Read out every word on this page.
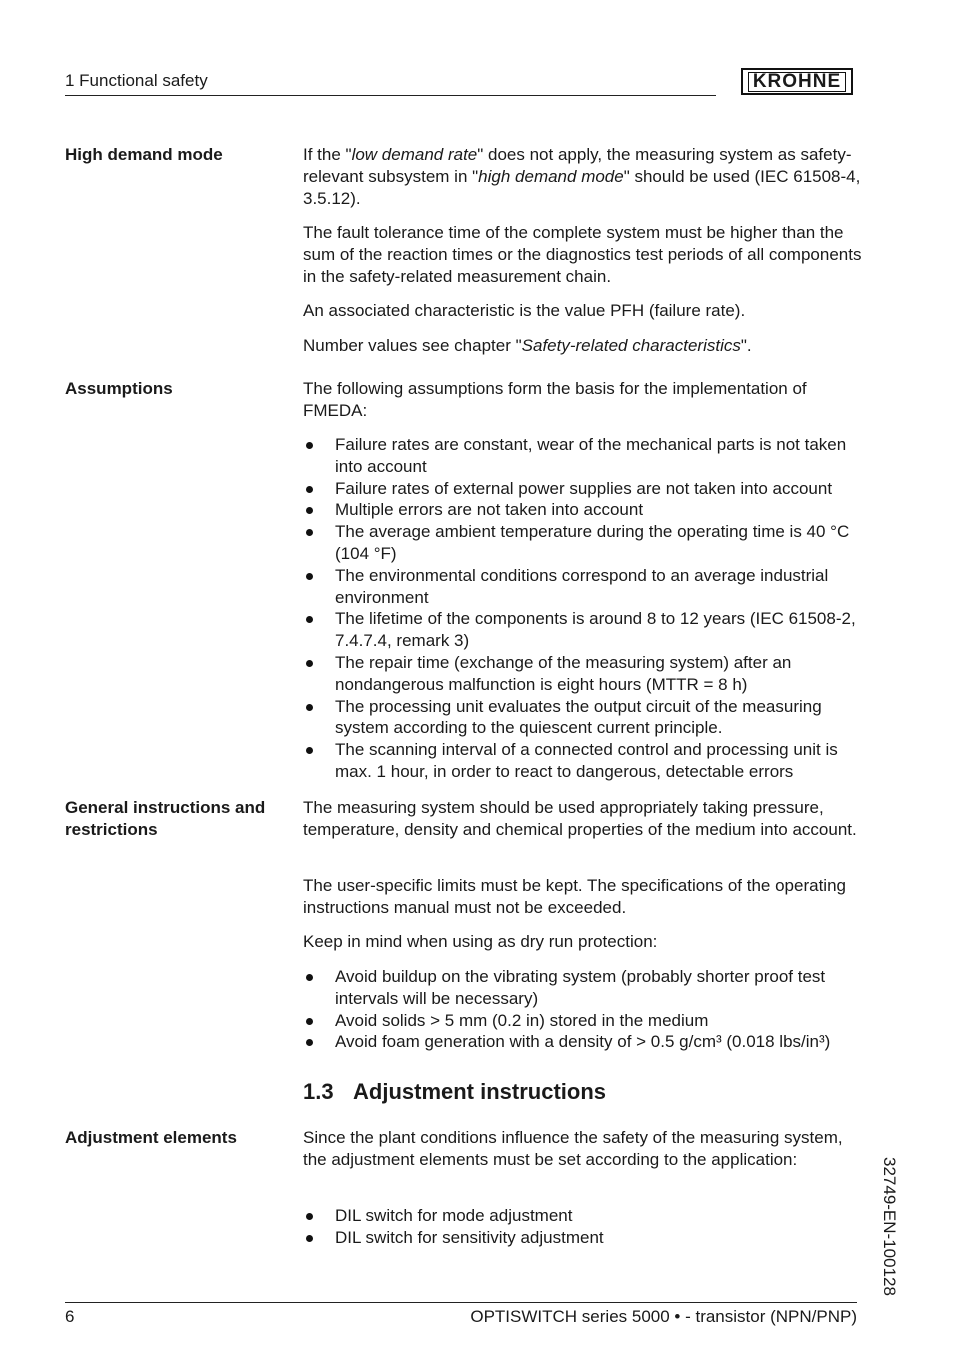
1 Functional safety	KROHNE
High demand mode	If the "low demand rate" does not apply, the measuring system as safety-relevant subsystem in "high demand mode" should be used (IEC 61508-4, 3.5.12).
The fault tolerance time of the complete system must be higher than the sum of the reaction times or the diagnostics test periods of all components in the safety-related measurement chain.
An associated characteristic is the value PFH (failure rate).
Number values see chapter "Safety-related characteristics".
Assumptions	The following assumptions form the basis for the implementation of FMEDA:
Failure rates are constant, wear of the mechanical parts is not taken into account
Failure rates of external power supplies are not taken into account
Multiple errors are not taken into account
The average ambient temperature during the operating time is 40 °C (104 °F)
The environmental conditions correspond to an average industrial environment
The lifetime of the components is around 8 to 12 years (IEC 61508-2, 7.4.7.4, remark 3)
The repair time (exchange of the measuring system) after an nondangerous malfunction is eight hours (MTTR = 8 h)
The processing unit evaluates the output circuit of the measuring system according to the quiescent current principle.
The scanning interval of a connected control and processing unit is max. 1 hour, in order to react to dangerous, detectable errors
General instructions and restrictions
The measuring system should be used appropriately taking pressure, temperature, density and chemical properties of the medium into account.
The user-specific limits must be kept. The specifications of the operating instructions manual must not be exceeded.
Keep in mind when using as dry run protection:
Avoid buildup on the vibrating system (probably shorter proof test intervals will be necessary)
Avoid solids > 5 mm (0.2 in) stored in the medium
Avoid foam generation with a density of > 0.5 g/cm³ (0.018 lbs/in³)
1.3 Adjustment instructions
Adjustment elements	Since the plant conditions influence the safety of the measuring system, the adjustment elements must be set according to the application:
DIL switch for mode adjustment
DIL switch for sensitivity adjustment	32749-EN-100128
6	OPTISWITCH series 5000 • - transistor (NPN/PNP)
